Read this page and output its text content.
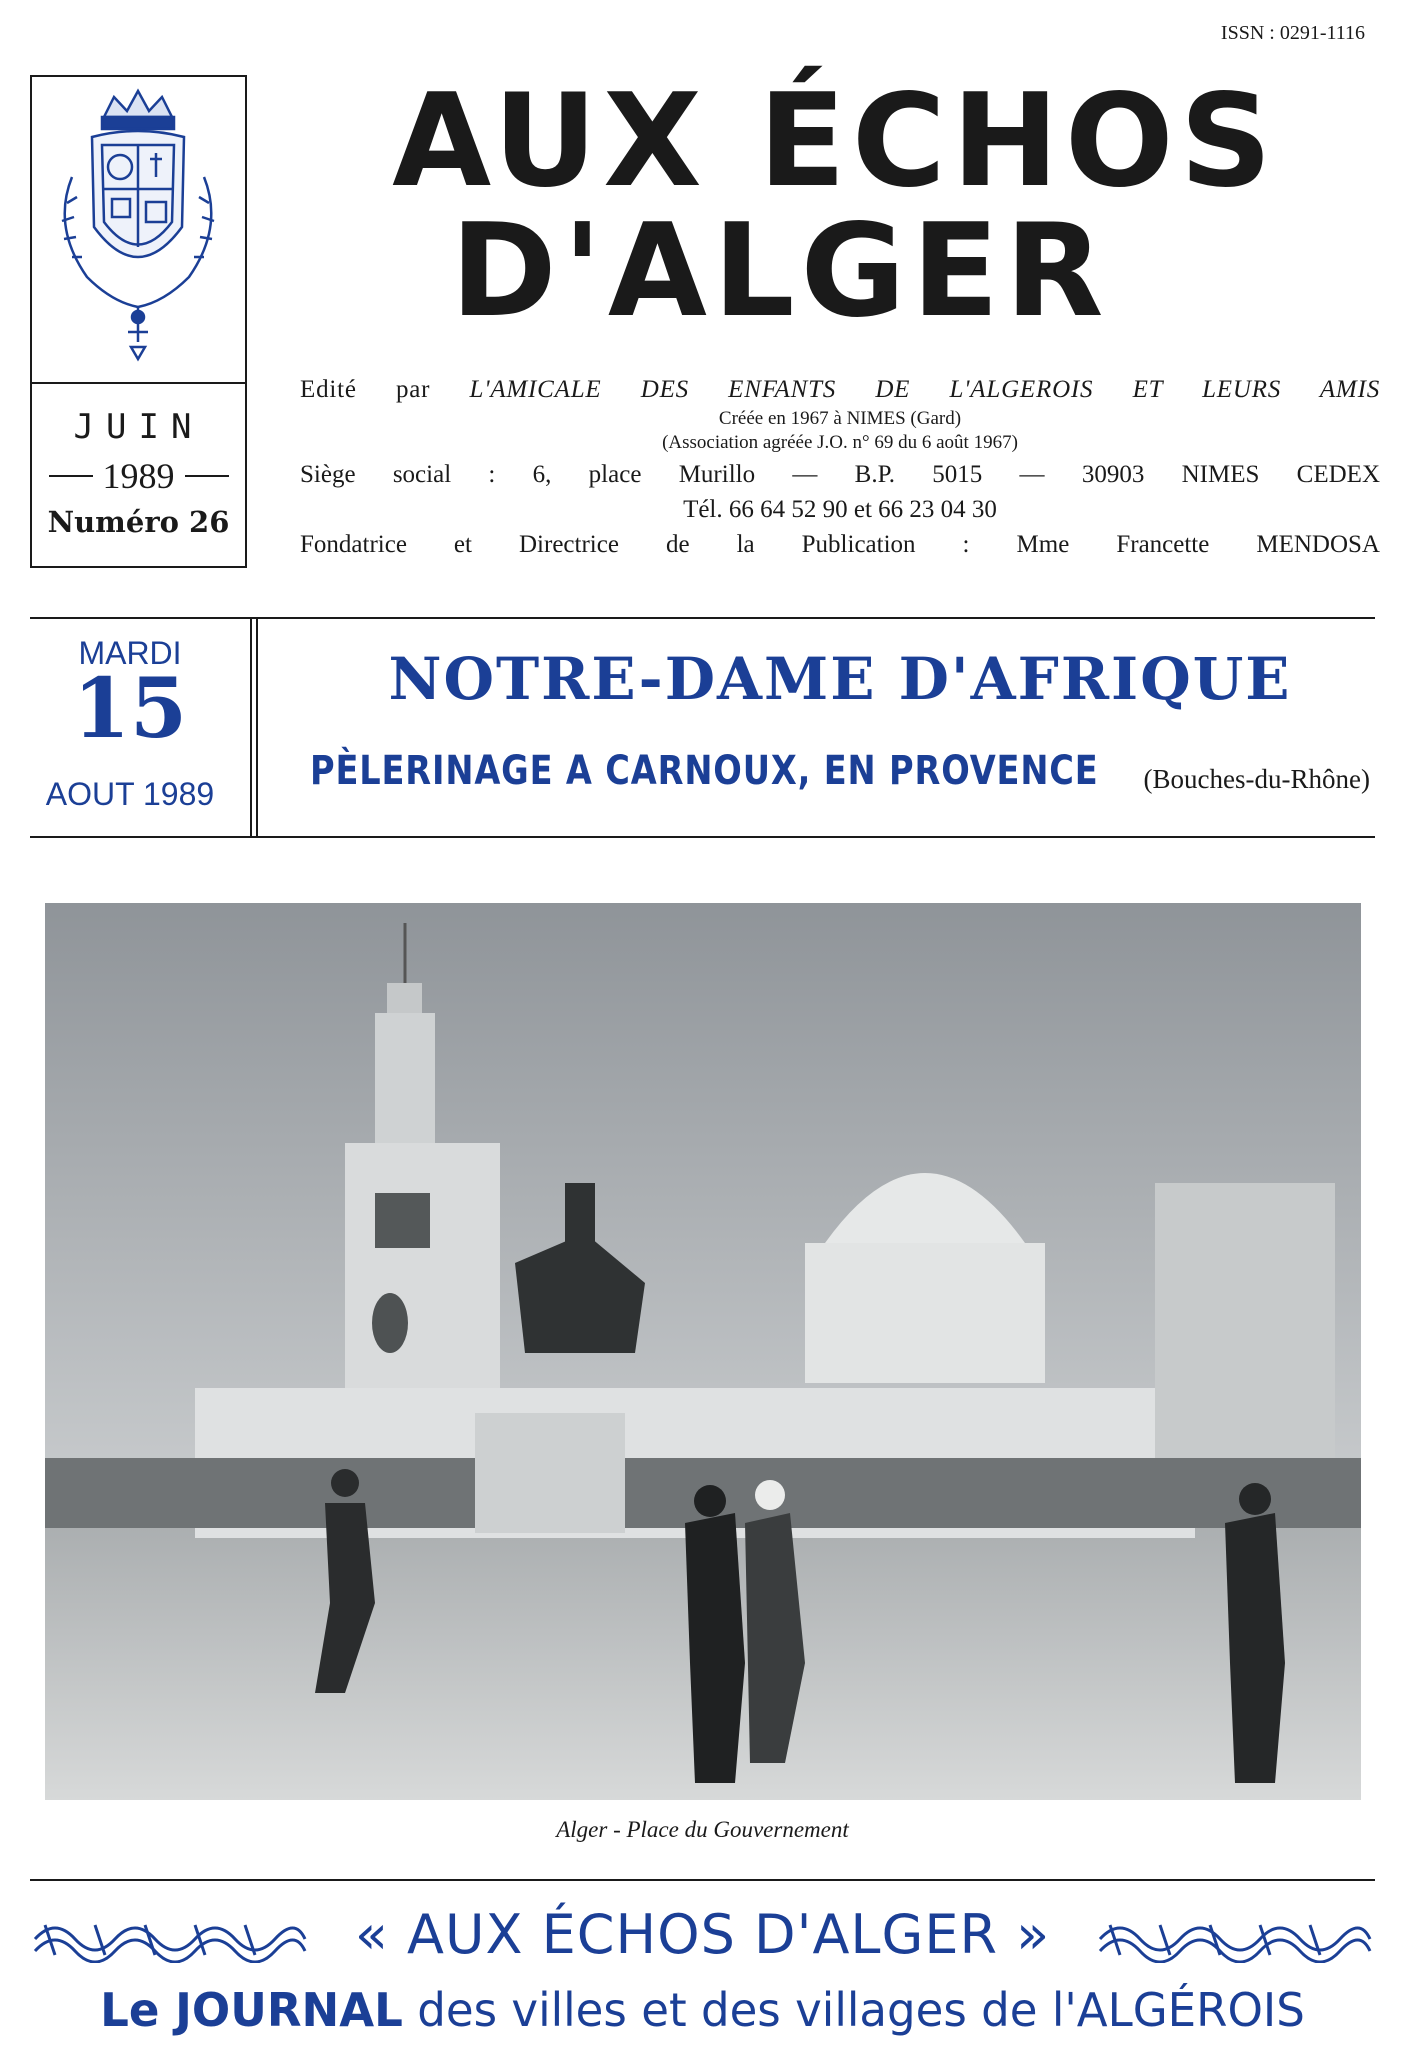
ISSN : 0291-1116
JUIN
1989
Numéro 26
AUX ÉCHOS
D'ALGER
Edité par L'AMICALE DES ENFANTS DE L'ALGEROIS ET LEURS AMIS
Créée en 1967 à NIMES (Gard)
(Association agréée J.O. n° 69 du 6 août 1967)
Siège social : 6, place Murillo — B.P. 5015 — 30903 NIMES CEDEX
Tél. 66 64 52 90 et 66 23 04 30
Fondatrice et Directrice de la Publication : Mme Francette MENDOSA
MARDI
15
AOUT 1989
NOTRE-DAME D'AFRIQUE
PÈLERINAGE A CARNOUX, EN PROVENCE (Bouches-du-Rhône)
Alger - Place du Gouvernement
« AUX ÉCHOS D'ALGER »
Le JOURNAL des villes et des villages de l'ALGÉROIS
